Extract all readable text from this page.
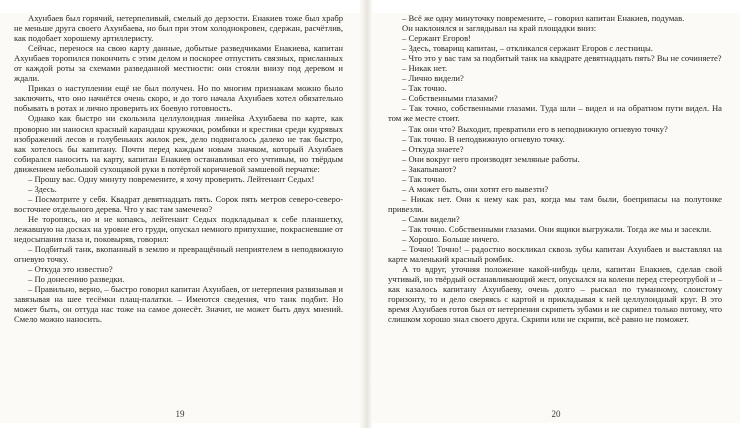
Ахунбаев был горячий, нетерпеливый, смелый до дерзости. Енакиев тоже был храбр не меньше друга своего Ахунбаева, но был при этом холоднокровен, сдержан, расчётлив, как подобает хорошему артиллеристу.

Сейчас, перенося на свою карту данные, добытые разведчиками Енакиева, капитан Ахунбаев торопился покончить с этим делом и поскорее отпустить связных, присланных от каждой роты за схемами разведанной местности: они стояли внизу под деревом и ждали.

Приказ о наступлении ещё не был получен. Но по многим признакам можно было заключить, что оно начнётся очень скоро, и до того начала Ахунбаев хотел обязательно побывать в ротах и лично проверить их боевую готовность.

Однако как быстро ни скользила целлулоидная линейка Ахунбаева по карте, как проворно ни наносил красный карандаш кружочки, ромбики и крестики среди кудрявых изображений лесов и голубеньких жилок рек, дело подвигалось далеко не так быстро, как хотелось бы капитану. Почти перед каждым новым значком, который Ахунбаев собирался наносить на карту, капитан Енакиев останавливал его учтивым, но твёрдым движением небольшой сухощавой руки в потёртой коричневой замшевой перчатке:

– Прошу вас. Одну минуту повремените, я хочу проверить. Лейтенант Седых!

– Здесь.

– Посмотрите у себя. Квадрат девятнадцать пять. Сорок пять метров северо-северо-восточнее отдельного дерева. Что у вас там замечено?

Не торопясь, но и не копаясь, лейтенант Седых подкладывал к себе планшетку, лежавшую на досках на уровне его груди, опускал немного припухшие, покрасневшие от недосыпания глаза и, поковыряв, говорил:

– Подбитый танк, вкопанный в землю и превращённый неприятелем в неподвижную огневую точку.

– Откуда это известно?

– По донесению разведки.

– Правильно, верно, – быстро говорил капитан Ахунбаев, от нетерпения развязывая и завязывая на шее тесёмки плащ-палатки. – Имеются сведения, что танк подбит. Но может быть, он оттуда нас тоже на самое донесёт. Значит, не может быть двух мнений. Смело можно наносить.

19

– Всё же одну минуточку повремените, – говорил капитан Енакиев, подумав.

Он наклонялся и заглядывал на край площадки вниз:

– Сержант Егоров!

– Здесь, товарищ капитан, – откликался сержант Егоров с лестницы.

– Что это у вас там за подбитый танк на квадрате девятнадцать пять? Вы не сочиняете?

– Никак нет.

– Лично видели?

– Так точно.

– Собственными глазами?

– Так точно, собственными глазами. Туда шли – видел и на обратном пути видел. На том же месте стоит.

– Так они что? Выходит, превратили его в неподвижную огневую точку?

– Так точно. В неподвижную огневую точку.

– Откуда знаете?

– Они вокруг него производят земляные работы.

– Закапывают?

– Так точно.

– А может быть, они хотят его вывезти?

– Никак нет. Они к нему как раз, когда мы там были, боеприпасы на полутонке привезли.

– Сами видели?

– Так точно. Собственными глазами. Они ящики выгружали. Тогда же мы и засекли.

– Хорошо. Больше ничего.

– Точно! Точно! – радостно воскликал сквозь зубы капитан Ахунбаев и выставлял на карте маленький красный ромбик.

А то вдруг, уточняя положение какой-нибудь цели, капитан Енакиев, сделав свой учтивый, но твёрдый останавливающий жест, опускался на колени перед стереотрубой и – как казалось капитану Ахунбаеву, очень долго – рыскал по туманному, слоистому горизонту, то и дело сверяясь с картой и прикладывая к ней целлулоидный круг. В это время Ахунбаев готов был от нетерпения скрипеть зубами и не скрипел только потому, что слишком хорошо знал своего друга. Скрипи или не скрипи, всё равно не поможет.

20
